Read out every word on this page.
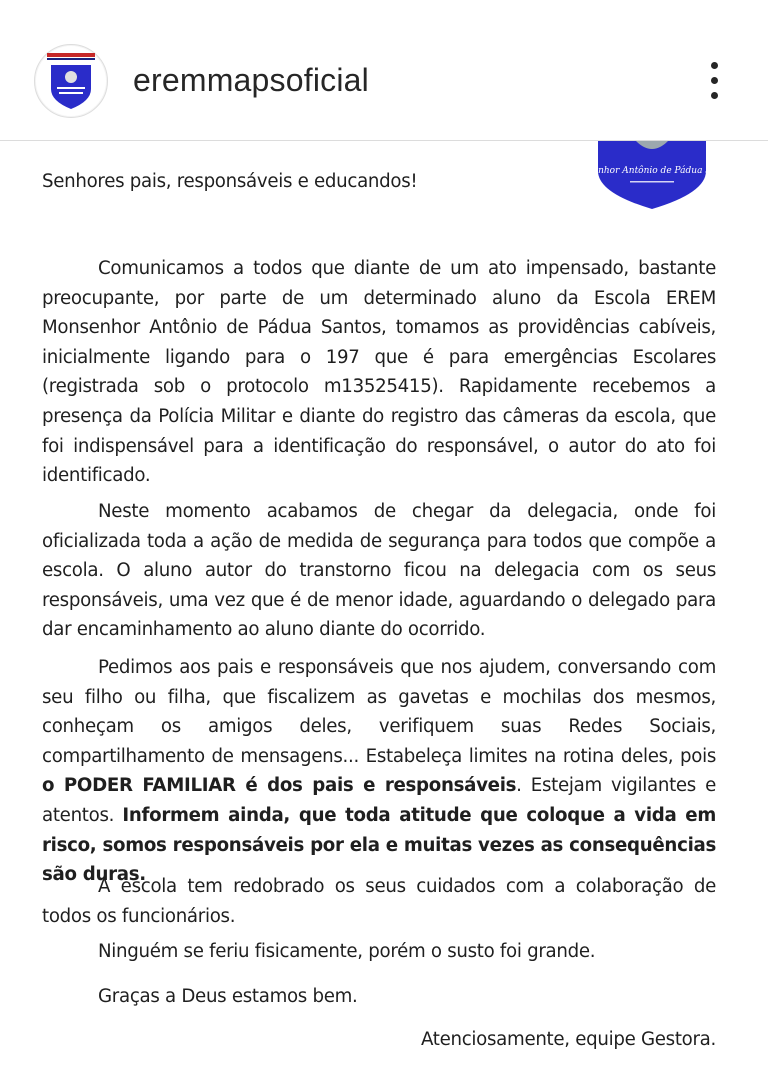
eremmapsoficial
Monsenhor Antônio de Pádua Santos
Senhores pais, responsáveis e educandos!

Comunicamos a todos que diante de um ato impensado, bastante preocupante, por parte de um determinado aluno da Escola EREM Monsenhor Antônio de Pádua Santos, tomamos as providências cabíveis, inicialmente ligando para o 197 que é para emergências Escolares (registrada sob o protocolo m13525415). Rapidamente recebemos a presença da Polícia Militar e diante do registro das câmeras da escola, que foi indispensável para a identificação do responsável, o autor do ato foi identificado.

Neste momento acabamos de chegar da delegacia, onde foi oficializada toda a ação de medida de segurança para todos que compõe a escola. O aluno autor do transtorno ficou na delegacia com os seus responsáveis, uma vez que é de menor idade, aguardando o delegado para dar encaminhamento ao aluno diante do ocorrido.

Pedimos aos pais e responsáveis que nos ajudem, conversando com seu filho ou filha, que fiscalizem as gavetas e mochilas dos mesmos, conheçam os amigos deles, verifiquem suas Redes Sociais, compartilhamento de mensagens... Estabeleça limites na rotina deles, pois o PODER FAMILIAR é dos pais e responsáveis. Estejam vigilantes e atentos. Informem ainda, que toda atitude que coloque a vida em risco, somos responsáveis por ela e muitas vezes as consequências são duras.

A escola tem redobrado os seus cuidados com a colaboração de todos os funcionários.

Ninguém se feriu fisicamente, porém o susto foi grande.
Graças a Deus estamos bem.
Atenciosamente, equipe Gestora.
